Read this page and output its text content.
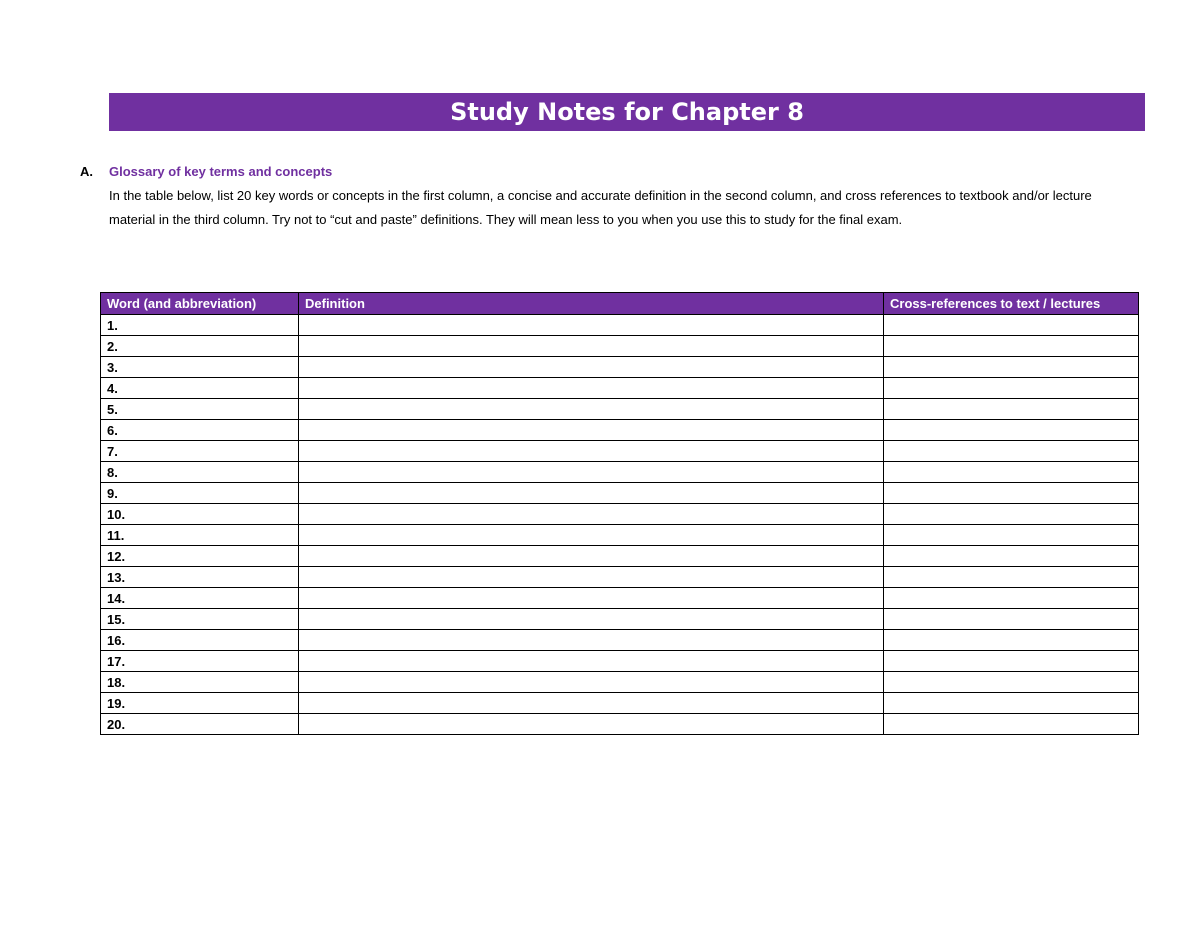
Study Notes for Chapter 8
A.	Glossary of key terms and concepts
In the table below, list 20 key words or concepts in the first column, a concise and accurate definition in the second column, and cross references to textbook and/or lecture material in the third column. Try not to “cut and paste” definitions. They will mean less to you when you use this to study for the final exam.
Word (and abbreviation)	Definition	Cross-references to text / lectures
1.		
2.		
3.		
4.		
5.		
6.		
7.		
8.		
9.		
10.		
11.		
12.		
13.		
14.		
15.		
16.		
17.		
18.		
19.		
20.		
